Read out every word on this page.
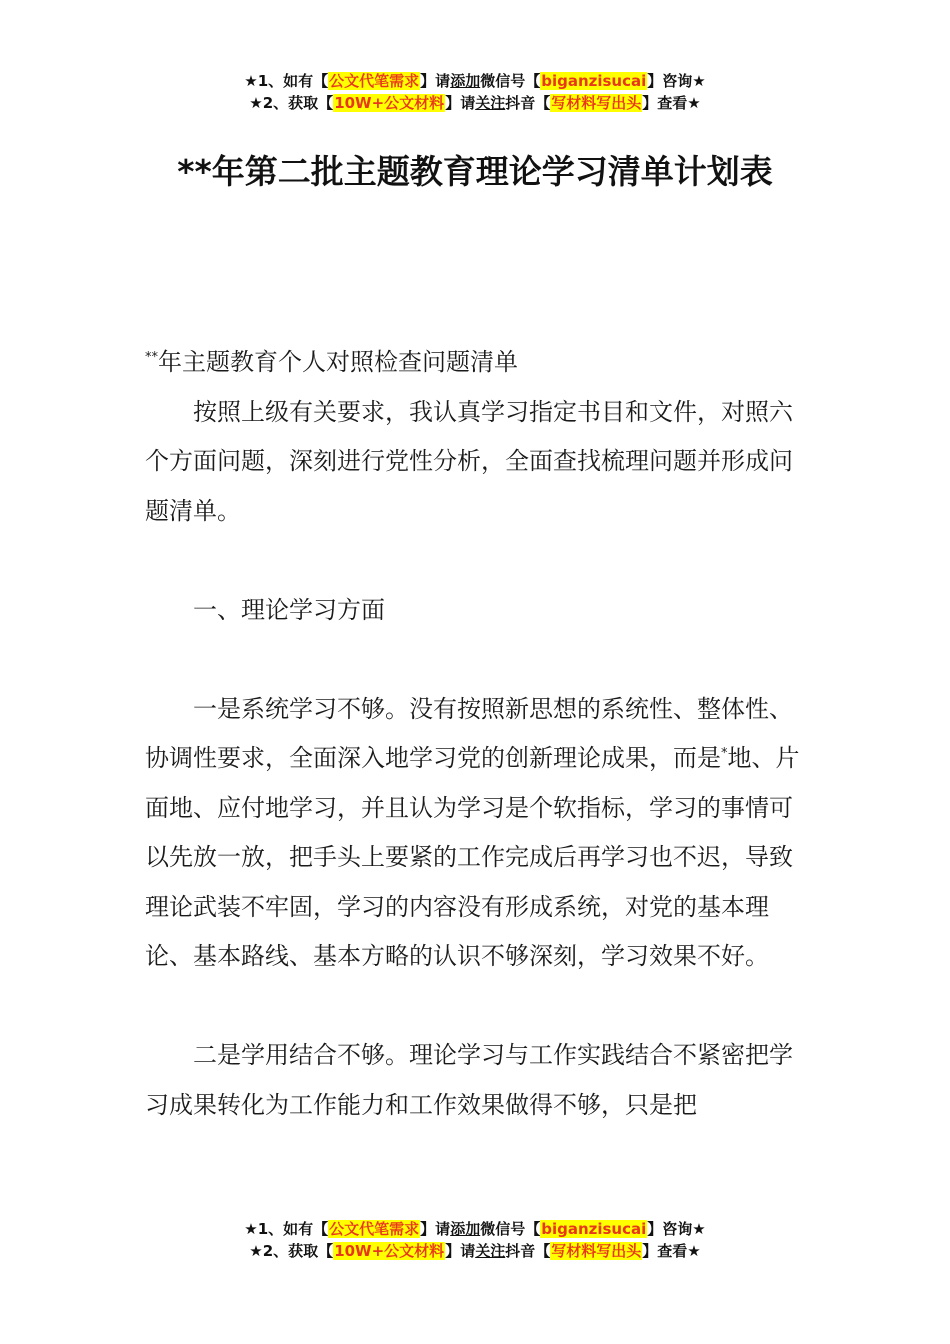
★1、如有【公文代笔需求】请添加微信号【biganzisucai】咨询★
★2、获取【10W+公文材料】请关注抖音【写材料写出头】查看★
**年第二批主题教育理论学习清单计划表

**年主题教育个人对照检查问题清单

按照上级有关要求，我认真学习指定书目和文件，对照六个方面问题，深刻进行党性分析，全面查找梳理问题并形成问题清单。

一、理论学习方面

一是系统学习不够。没有按照新思想的系统性、整体性、协调性要求，全面深入地学习党的创新理论成果，而是*地、片面地、应付地学习，并且认为学习是个软指标，学习的事情可以先放一放，把手头上要紧的工作完成后再学习也不迟，导致理论武装不牢固，学习的内容没有形成系统，对党的基本理论、基本路线、基本方略的认识不够深刻，学习效果不好。

二是学用结合不够。理论学习与工作实践结合不紧密把学习成果转化为工作能力和工作效果做得不够，只是把

★1、如有【公文代笔需求】请添加微信号【biganzisucai】咨询★
★2、获取【10W+公文材料】请关注抖音【写材料写出头】查看★
